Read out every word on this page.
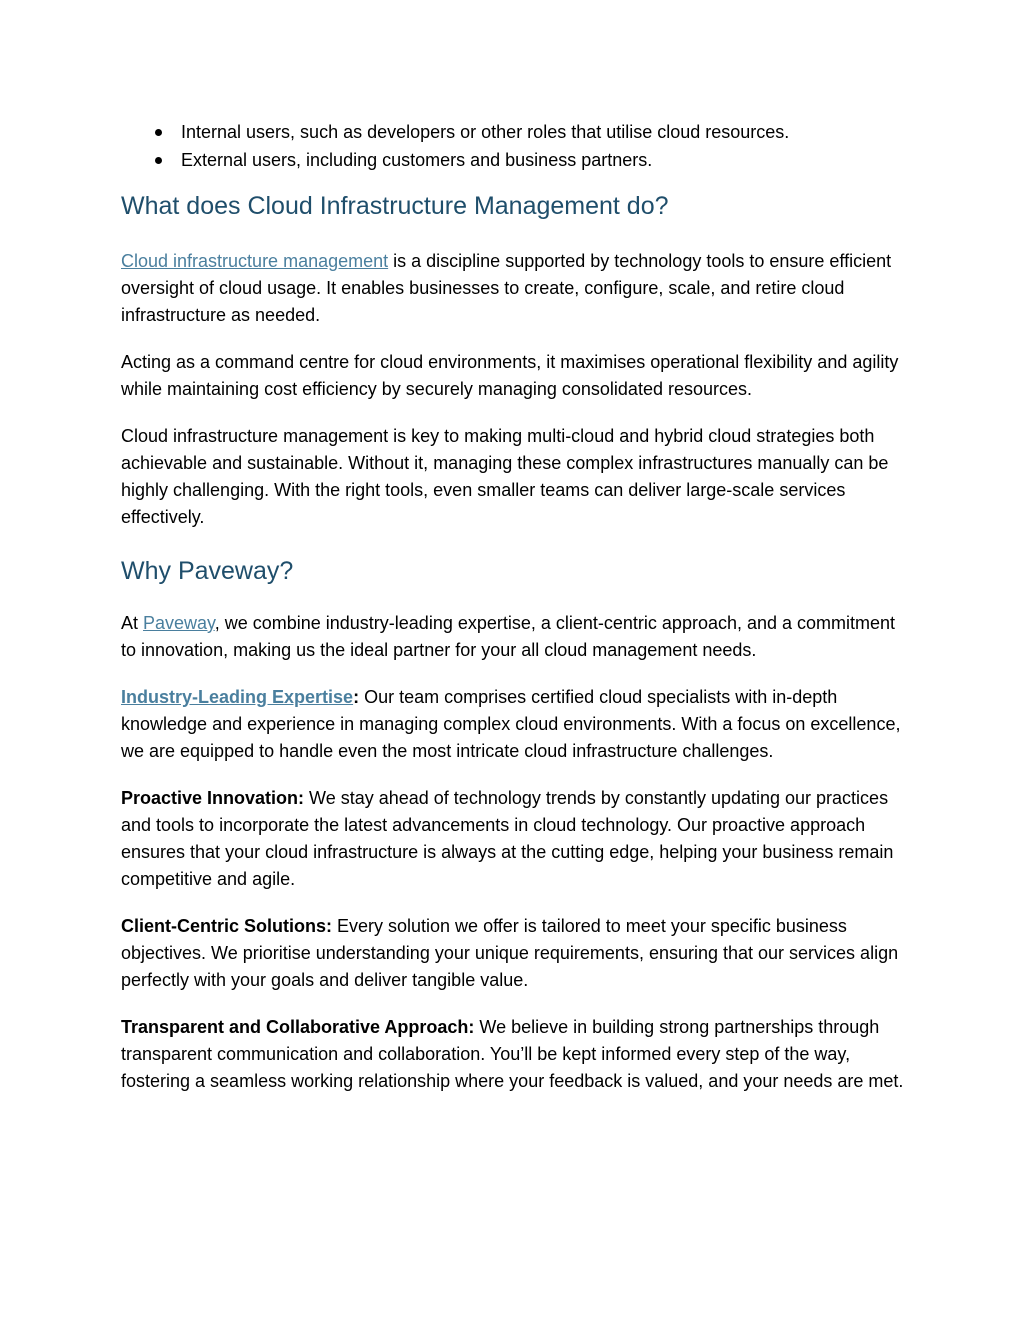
Internal users, such as developers or other roles that utilise cloud resources.
External users, including customers and business partners.
What does Cloud Infrastructure Management do?

Cloud infrastructure management is a discipline supported by technology tools to ensure efficient oversight of cloud usage. It enables businesses to create, configure, scale, and retire cloud infrastructure as needed.

Acting as a command centre for cloud environments, it maximises operational flexibility and agility while maintaining cost efficiency by securely managing consolidated resources.

Cloud infrastructure management is key to making multi-cloud and hybrid cloud strategies both achievable and sustainable. Without it, managing these complex infrastructures manually can be highly challenging. With the right tools, even smaller teams can deliver large-scale services effectively.

Why Paveway?

At Paveway, we combine industry-leading expertise, a client-centric approach, and a commitment to innovation, making us the ideal partner for your all cloud management needs.

Industry-Leading Expertise: Our team comprises certified cloud specialists with in-depth knowledge and experience in managing complex cloud environments. With a focus on excellence, we are equipped to handle even the most intricate cloud infrastructure challenges.

Proactive Innovation: We stay ahead of technology trends by constantly updating our practices and tools to incorporate the latest advancements in cloud technology. Our proactive approach ensures that your cloud infrastructure is always at the cutting edge, helping your business remain competitive and agile.

Client-Centric Solutions: Every solution we offer is tailored to meet your specific business objectives. We prioritise understanding your unique requirements, ensuring that our services align perfectly with your goals and deliver tangible value.

Transparent and Collaborative Approach: We believe in building strong partnerships through transparent communication and collaboration. You’ll be kept informed every step of the way, fostering a seamless working relationship where your feedback is valued, and your needs are met.
